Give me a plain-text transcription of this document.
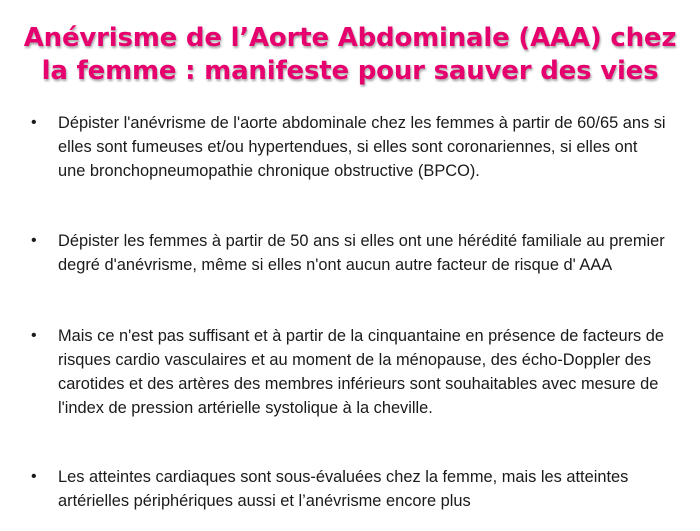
Anévrisme de l’Aorte Abdominale (AAA) chez
la femme : manifeste pour sauver des vies
• Dépister l'anévrisme de l'aorte abdominale chez les femmes à partir de 60/65 ans si elles sont fumeuses et/ou hypertendues, si elles sont coronariennes, si elles ont une bronchopneumopathie chronique obstructive (BPCO).
• Dépister les femmes à partir de 50 ans si elles ont une hérédité familiale au premier degré d'anévrisme, même si elles n'ont aucun autre facteur de risque d' AAA
• Mais ce n'est pas suffisant et à partir de la cinquantaine en présence de facteurs de risques cardio vasculaires et au moment de la ménopause, des écho-Doppler des carotides et des artères des membres inférieurs sont souhaitables avec mesure de l'index de pression artérielle systolique à la cheville.
• Les atteintes cardiaques sont sous-évaluées chez la femme, mais les atteintes artérielles périphériques aussi et l’anévrisme encore plus
